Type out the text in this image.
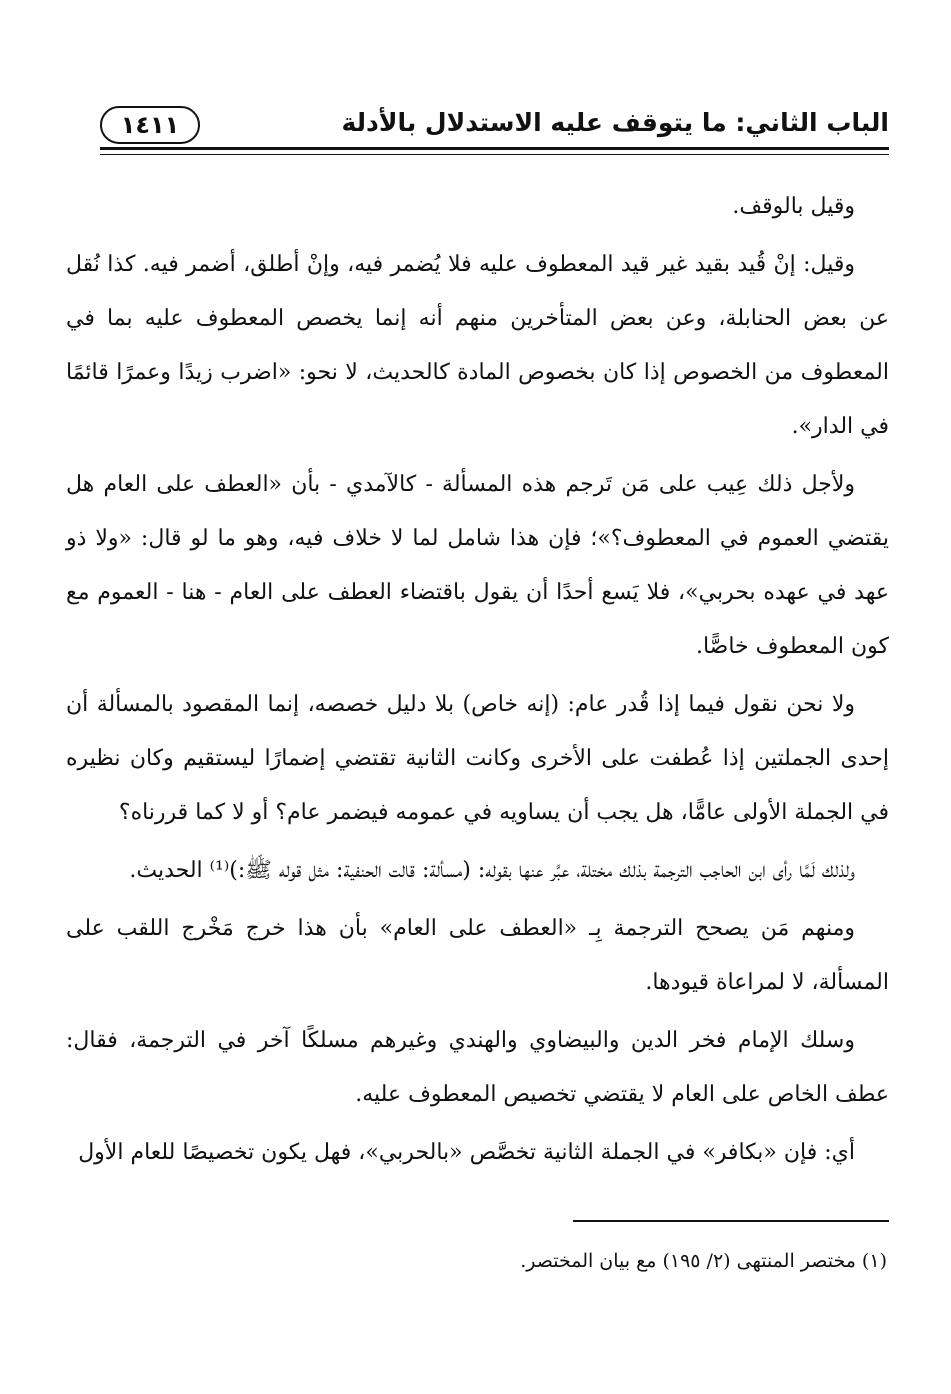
الباب الثاني: ما يتوقف عليه الاستدلال بالأدلة
١٤١١

وقيل بالوقف.

وقيل: إنْ قُيد بقيد غير قيد المعطوف عليه فلا يُضمر فيه، وإنْ أطلق، أضمر فيه. كذا نُقل عن بعض الحنابلة، وعن بعض المتأخرين منهم أنه إنما يخصص المعطوف عليه بما في المعطوف من الخصوص إذا كان بخصوص المادة كالحديث، لا نحو: «اضرب زيدًا وعمرًا قائمًا في الدار».

ولأجل ذلك عِيب على مَن تَرجم هذه المسألة - كالآمدي - بأن «العطف على العام هل يقتضي العموم في المعطوف؟»؛ فإن هذا شامل لما لا خلاف فيه، وهو ما لو قال: «ولا ذو عهد في عهده بحربي»، فلا يَسع أحدًا أن يقول باقتضاء العطف على العام - هنا - العموم مع كون المعطوف خاصًّا.

ولا نحن نقول فيما إذا قُدر عام: (إنه خاص) بلا دليل خصصه، إنما المقصود بالمسألة أن إحدى الجملتين إذا عُطفت على الأخرى وكانت الثانية تقتضي إضمارًا ليستقيم وكان نظيره في الجملة الأولى عامًّا، هل يجب أن يساويه في عمومه فيضمر عام؟ أو لا كما قررناه؟

ولذلك لَمَّا رأى ابن الحاجب الترجمة بذلك مختلة، عبَّر عنها بقوله: (مسألة: قالت الحنفية: مثل قوله ﷺ:)⁽¹⁾ الحديث.

ومنهم مَن يصحح الترجمة بِـ «العطف على العام» بأن هذا خرج مَخْرج اللقب على المسألة، لا لمراعاة قيودها.

وسلك الإمام فخر الدين والبيضاوي والهندي وغيرهم مسلكًا آخر في الترجمة، فقال: عطف الخاص على العام لا يقتضي تخصيص المعطوف عليه.

أي: فإن «بكافر» في الجملة الثانية تخصَّص «بالحربي»، فهل يكون تخصيصًا للعام الأول

(١) مختصر المنتهى (٢/ ١٩٥) مع بيان المختصر.
